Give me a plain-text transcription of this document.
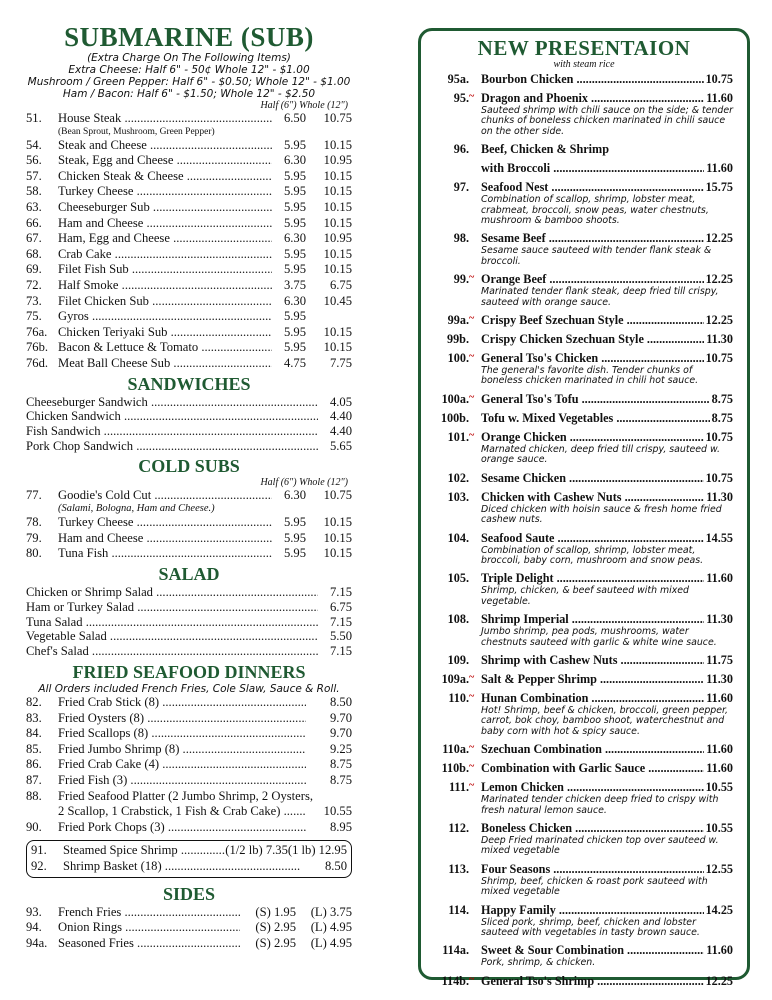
SUBMARINE (SUB)
(Extra Charge On The Following Items)
Extra Cheese: Half 6" - 50¢ Whole 12" - $1.00
Mushroom / Green Pepper: Half 6" - $0.50; Whole 12" - $1.00
Ham / Bacon: Half 6" - $1.50; Whole 12" - $2.50
Half (6") Whole (12")
51.	House Steak .....	6.50	10.75
(Bean Sprout, Mushroom, Green Pepper)
54.	Steak and Cheese .....	5.95	10.15
56.	Steak, Egg and Cheese .....	6.30	10.95
57.	Chicken Steak & Cheese .....	5.95	10.15
58.	Turkey Cheese .....	5.95	10.15
63.	Cheeseburger Sub .....	5.95	10.15
66.	Ham and Cheese .....	5.95	10.15
67.	Ham, Egg and Cheese .....	6.30	10.95
68.	Crab Cake .....	5.95	10.15
69.	Filet Fish Sub .....	5.95	10.15
72.	Half Smoke .....	3.75	6.75
73.	Filet Chicken Sub .....	6.30	10.45
75.	Gyros .....	5.95
76a. Chicken Teriyaki Sub .....	5.95	10.15
76b. Bacon & Lettuce & Tomato .....	5.95	10.15
76d. Meat Ball Cheese Sub .....	4.75	7.75
SANDWICHES
Cheeseburger Sandwich .....	4.05
Chicken Sandwich .....	4.40
Fish Sandwich .....	4.40
Pork Chop Sandwich .....	5.65
COLD SUBS
Half (6") Whole (12")
77.	Goodie's Cold Cut .....	6.30	10.75
(Salami, Bologna, Ham and Cheese.)
78.	Turkey Cheese .....	5.95	10.15
79.	Ham and Cheese .....	5.95	10.15
80.	Tuna Fish .....	5.95	10.15
SALAD
Chicken or Shrimp Salad .....	7.15
Ham or Turkey Salad .....	6.75
Tuna Salad .....	7.15
Vegetable Salad .....	5.50
Chef's Salad .....	7.15
FRIED SEAFOOD DINNERS
All Orders included French Fries, Cole Slaw, Sauce & Roll.
82.	Fried Crab Stick (8) .....	8.50
83.	Fried Oysters (8) .....	9.70
84.	Fried Scallops (8) .....	9.70
85.	Fried Jumbo Shrimp (8) .....	9.25
86.	Fried Crab Cake (4) .....	8.75
87.	Fried Fish (3) .....	8.75
88.	Fried Seafood Platter (2 Jumbo Shrimp, 2 Oysters,
2 Scallop, 1 Crabstick, 1 Fish & Crab Cake) .....	10.55
90.	Fried Pork Chops (3) .....	8.95
91.	Steamed Spice Shrimp .....	(1/2 lb) 7.35(1 lb) 12.95
92.	Shrimp Basket (18) .....	8.50
SIDES
93.	French Fries .....	(S) 1.95	(L) 3.75
94.	Onion Rings .....	(S) 2.95	(L) 4.95
94a. Seasoned Fries .....	(S) 2.95	(L) 4.95
NEW PRESENTAION
with steam rice
95a. Bourbon Chicken .....	10.75
95. ~ Dragon and Phoenix .....	11.60
Sauteed shrimp with chili sauce on the side; & tender chunks of boneless chicken marinated in chili sauce on the other side.
96. Beef, Chicken & Shrimp
with Broccoli .....	11.60
97. Seafood Nest .....	15.75
Combination of scallop, shrimp, lobster meat, crabmeat, broccoli, snow peas, water chestnuts, mushroom & bamboo shoots.
98. Sesame Beef .....	12.25
Sesame sauce sauteed with tender flank steak & broccoli.
99. ~ Orange Beef .....	12.25
Marinated tender flank steak, deep fried till crispy, sauteed with orange sauce.
99a. ~ Crispy Beef Szechuan Style .....	12.25
99b. Crispy Chicken Szechuan Style .....	11.30
100. ~ General Tso's Chicken .....	10.75
The general's favorite dish. Tender chunks of boneless chicken marinated in chili hot sauce.
100a. ~ General Tso's Tofu .....	8.75
100b. Tofu w. Mixed Vegetables .....	8.75
101. ~ Orange Chicken .....	10.75
Marnated chicken, deep fried till crispy, sauteed w. orange sauce.
102. Sesame Chicken .....	10.75
103. Chicken with Cashew Nuts .....	11.30
Diced chicken with hoisin sauce & fresh home fried cashew nuts.
104. Seafood Saute .....	14.55
Combination of scallop, shrimp, lobster meat, broccoli, baby corn, mushroom and snow peas.
105. Triple Delight .....	11.60
Shrimp, chicken, & beef sauteed with mixed vegetable.
108. Shrimp Imperial .....	11.30
Jumbo shrimp, pea pods, mushrooms, water chestnuts sauteed with garlic & white wine sauce.
109. Shrimp with Cashew Nuts .....	11.75
109a. ~ Salt & Pepper Shrimp .....	11.30
110. ~ Hunan Combination .....	11.60
Hot! Shrimp, beef & chicken, broccoli, green pepper, carrot, bok choy, bamboo shoot, waterchestnut and baby corn with hot & spicy sauce.
110a. ~ Szechuan Combination .....	11.60
110b. ~ Combination with Garlic Sauce .....	11.60
111. ~ Lemon Chicken .....	10.55
Marinated tender chicken deep fried to crispy with fresh natural lemon sauce.
112. Boneless Chicken .....	10.55
Deep Fried marinated chicken top over sauteed w. mixed vegetable
113. Four Seasons .....	12.55
Shrimp, beef, chicken & roast pork sauteed with mixed vegetable
114. Happy Family .....	14.25
Sliced pork, shrimp, beef, chicken and lobster sauteed with vegetables in tasty brown sauce.
114a. Sweet & Sour Combination .....	11.60
Pork, shrimp, & chicken.
114b. ~ General Tso's Shrimp .....	12.25
